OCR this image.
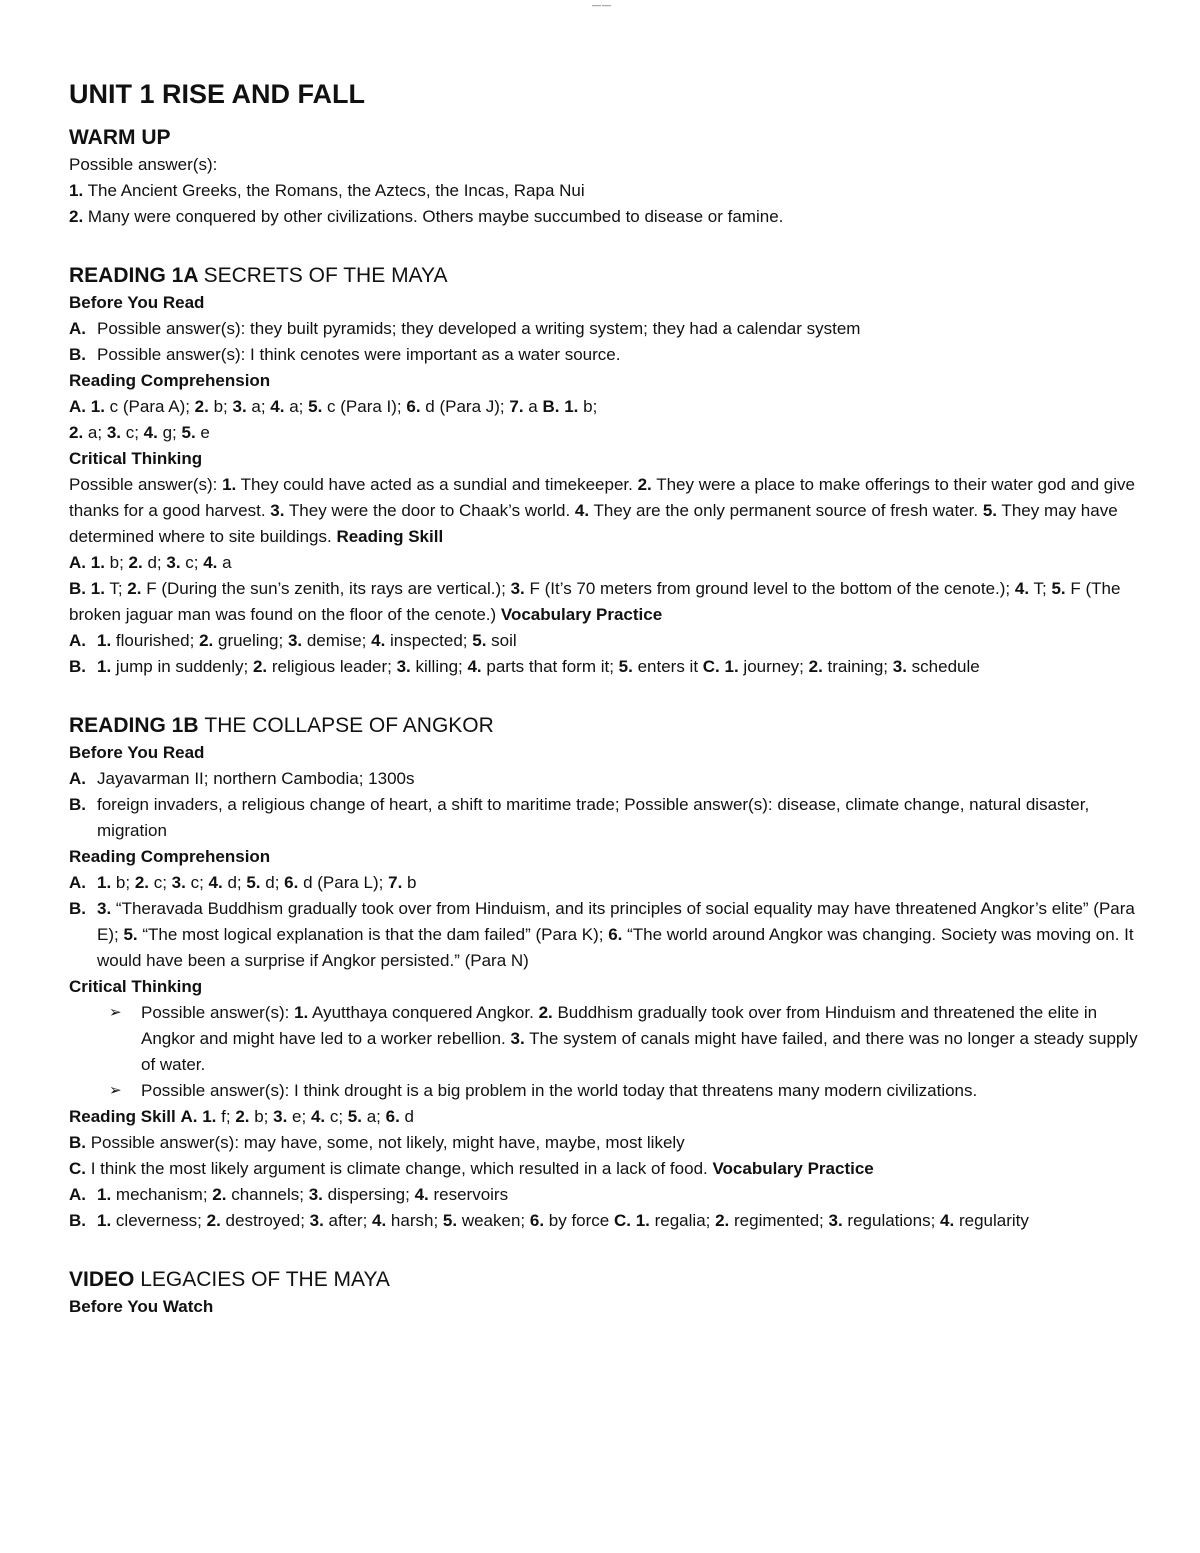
——
UNIT 1 RISE AND FALL
WARM UP
Possible answer(s):
1. The Ancient Greeks, the Romans, the Aztecs, the Incas, Rapa Nui
2. Many were conquered by other civilizations. Others maybe succumbed to disease or famine.
READING 1A SECRETS OF THE MAYA
Before You Read
A. Possible answer(s): they built pyramids; they developed a writing system; they had a calendar system
B. Possible answer(s): I think cenotes were important as a water source.
Reading Comprehension
A. 1. c (Para A); 2. b; 3. a; 4. a; 5. c (Para I); 6. d (Para J); 7. a B. 1. b;
2. a; 3. c; 4. g; 5. e
Critical Thinking
Possible answer(s): 1. They could have acted as a sundial and timekeeper. 2. They were a place to make offerings to their water god and give thanks for a good harvest. 3. They were the door to Chaak’s world. 4. They are the only permanent source of fresh water. 5. They may have determined where to site buildings. Reading Skill
A. 1. b; 2. d; 3. c; 4. a
B. 1. T; 2. F (During the sun’s zenith, its rays are vertical.); 3. F (It’s 70 meters from ground level to the bottom of the cenote.); 4. T; 5. F (The broken jaguar man was found on the floor of the cenote.) Vocabulary Practice
A. 1. flourished; 2. grueling; 3. demise; 4. inspected; 5. soil
B. 1. jump in suddenly; 2. religious leader; 3. killing; 4. parts that form it; 5. enters it C. 1. journey; 2. training; 3. schedule
READING 1B THE COLLAPSE OF ANGKOR
Before You Read
A. Jayavarman II; northern Cambodia; 1300s
B. foreign invaders, a religious change of heart, a shift to maritime trade; Possible answer(s): disease, climate change, natural disaster, migration
Reading Comprehension
A. 1. b; 2. c; 3. c; 4. d; 5. d; 6. d (Para L); 7. b
B. 3. “Theravada Buddhism gradually took over from Hinduism, and its principles of social equality may have threatened Angkor’s elite” (Para E); 5. “The most logical explanation is that the dam failed” (Para K); 6. “The world around Angkor was changing. Society was moving on. It would have been a surprise if Angkor persisted.” (Para N)
Critical Thinking
➢ Possible answer(s): 1. Ayutthaya conquered Angkor. 2. Buddhism gradually took over from Hinduism and threatened the elite in Angkor and might have led to a worker rebellion. 3. The system of canals might have failed, and there was no longer a steady supply of water.
➢ Possible answer(s): I think drought is a big problem in the world today that threatens many modern civilizations.
Reading Skill A. 1. f; 2. b; 3. e; 4. c; 5. a; 6. d
B. Possible answer(s): may have, some, not likely, might have, maybe, most likely
C. I think the most likely argument is climate change, which resulted in a lack of food. Vocabulary Practice
A. 1. mechanism; 2. channels; 3. dispersing; 4. reservoirs
B. 1. cleverness; 2. destroyed; 3. after; 4. harsh; 5. weaken; 6. by force C. 1. regalia; 2. regimented; 3. regulations; 4. regularity
VIDEO LEGACIES OF THE MAYA
Before You Watch
